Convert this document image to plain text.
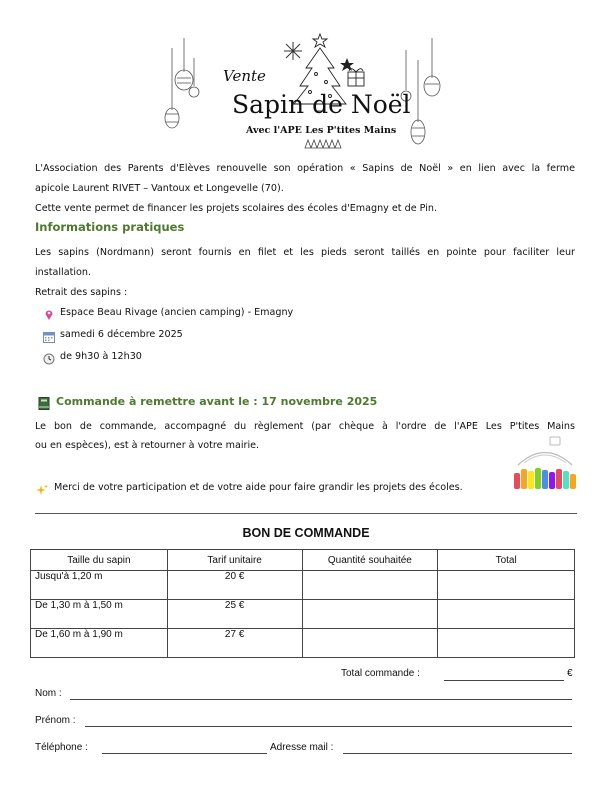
Vente
Sapin de Noël
Avec l'APE Les P'tites Mains
L'Association des Parents d'Elèves renouvelle son opération « Sapins de Noël » en lien avec la ferme
apicole Laurent RIVET – Vantoux et Longevelle (70).
Cette vente permet de financer les projets scolaires des écoles d'Emagny et de Pin.
Informations pratiques
Les sapins (Nordmann) seront fournis en filet et les pieds seront taillés en pointe pour faciliter leur
installation.
Retrait des sapins :
Espace Beau Rivage (ancien camping) - Emagny
samedi 6 décembre 2025
de 9h30 à 12h30
Commande à remettre avant le : 17 novembre 2025
Le bon de commande, accompagné du règlement (par chèque à l'ordre de l'APE Les P'tites Mains
ou en espèces), est à retourner à votre mairie.
Merci de votre participation et de votre aide pour faire grandir les projets des écoles.
BON DE COMMANDE
Taille du sapin	Tarif unitaire	Quantité souhaitée	Total
Jusqu'à 1,20 m	20 €		
De 1,30 m à 1,50 m	25 €		
De 1,60 m à 1,90 m	27 €		
Total commande :	€
Nom :
Prénom :
Téléphone :	Adresse mail :
